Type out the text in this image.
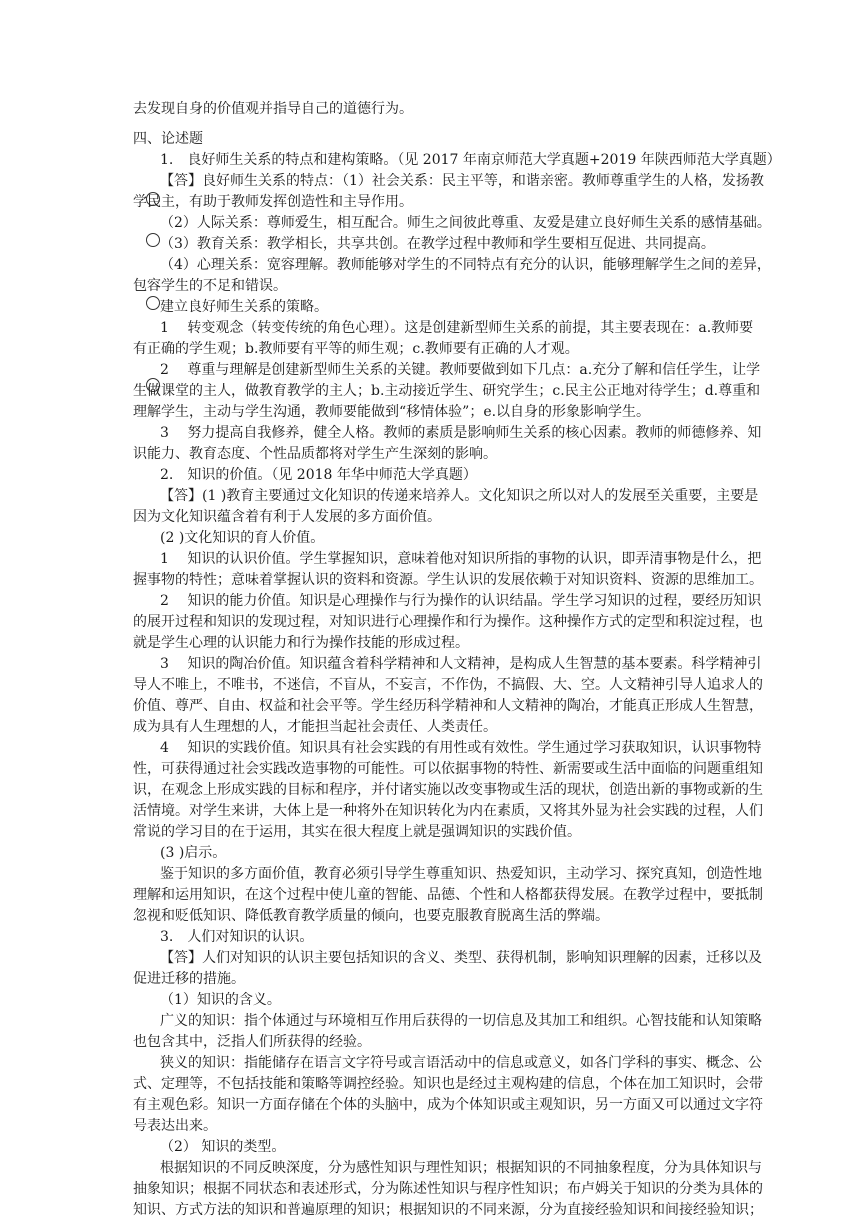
去发现自身的价值观并指导自己的道德行为。
四、论述题
1.　良好师生关系的特点和建构策略。（见 2017 年南京师范大学真题+2019 年陕西师范大学真题）
【答】良好师生关系的特点：（1）社会关系：民主平等，和谐亲密。教师尊重学生的人格，发扬教
学民主，有助于教师发挥创造性和主导作用。
（2）人际关系：尊师爱生，相互配合。师生之间彼此尊重、友爱是建立良好师生关系的感情基础。
（3）教育关系：教学相长，共享共创。在教学过程中教师和学生要相互促进、共同提高。
（4）心理关系：宽容理解。教师能够对学生的不同特点有充分的认识，能够理解学生之间的差异，
包容学生的不足和错误。
建立良好师生关系的策略。
1　 转变观念（转变传统的角色心理）。这是创建新型师生关系的前提，其主要表现在：a.教师要
有正确的学生观；b.教师要有平等的师生观；c.教师要有正确的人才观。
2　 尊重与理解是创建新型师生关系的关键。教师要做到如下几点：a.充分了解和信任学生，让学
生做课堂的主人，做教育教学的主人；b.主动接近学生、研究学生；c.民主公正地对待学生；d.尊重和
理解学生，主动与学生沟通，教师要能做到“移情体验”；e.以自身的形象影响学生。
3　 努力提高自我修养，健全人格。教师的素质是影响师生关系的核心因素。教师的师德修养、知
识能力、教育态度、个性品质都将对学生产生深刻的影响。
2.　知识的价值。（见 2018 年华中师范大学真题）
【答】(1 )教育主要通过文化知识的传递来培养人。文化知识之所以对人的发展至关重要，主要是
因为文化知识蕴含着有利于人发展的多方面价值。
(2 )文化知识的育人价值。
1　 知识的认识价值。学生掌握知识，意味着他对知识所指的事物的认识，即弄清事物是什么，把
握事物的特性；意味着掌握认识的资料和资源。学生认识的发展依赖于对知识资料、资源的思维加工。
2　 知识的能力价值。知识是心理操作与行为操作的认识结晶。学生学习知识的过程，要经历知识
的展开过程和知识的发现过程，对知识进行心理操作和行为操作。这种操作方式的定型和积淀过程，也
就是学生心理的认识能力和行为操作技能的形成过程。
3　 知识的陶冶价值。知识蕴含着科学精神和人文精神，是构成人生智慧的基本要素。科学精神引
导人不唯上，不唯书，不迷信，不盲从，不妄言，不作伪，不搞假、大、空。人文精神引导人追求人的
价值、尊严、自由、权益和社会平等。学生经历科学精神和人文精神的陶冶，才能真正形成人生智慧，
成为具有人生理想的人，才能担当起社会责任、人类责任。
4　 知识的实践价值。知识具有社会实践的有用性或有效性。学生通过学习获取知识，认识事物特
性，可获得通过社会实践改造事物的可能性。可以依据事物的特性、新需要或生活中面临的问题重组知
识，在观念上形成实践的目标和程序，并付诸实施以改变事物或生活的现状，创造出新的事物或新的生
活情境。对学生来讲，大体上是一种将外在知识转化为内在素质，又将其外显为社会实践的过程，人们
常说的学习目的在于运用，其实在很大程度上就是强调知识的实践价值。
(3 )启示。
鉴于知识的多方面价值，教育必须引导学生尊重知识、热爱知识，主动学习、探究真知，创造性地
理解和运用知识，在这个过程中使儿童的智能、品德、个性和人格都获得发展。在教学过程中，要抵制
忽视和贬低知识、降低教育教学质量的倾向，也要克服教育脱离生活的弊端。
3.　人们对知识的认识。
【答】人们对知识的认识主要包括知识的含义、类型、获得机制，影响知识理解的因素，迁移以及
促进迁移的措施。
（1）知识的含义。
广义的知识：指个体通过与环境相互作用后获得的一切信息及其加工和组织。心智技能和认知策略
也包含其中，泛指人们所获得的经验。
狭义的知识：指能储存在语言文字符号或言语活动中的信息或意义，如各门学科的事实、概念、公
式、定理等，不包括技能和策略等调控经验。知识也是经过主观构建的信息，个体在加工知识时，会带
有主观色彩。知识一方面存储在个体的头脑中，成为个体知识或主观知识，另一方面又可以通过文字符
号表达出来。
（2） 知识的类型。
根据知识的不同反映深度，分为感性知识与理性知识；根据知识的不同抽象程度，分为具体知识与
抽象知识；根据不同状态和表述形式，分为陈述性知识与程序性知识；布卢姆关于知识的分类为具体的
知识、方式方法的知识和普遍原理的知识；根据知识的不同来源，分为直接经验知识和间接经验知识；
